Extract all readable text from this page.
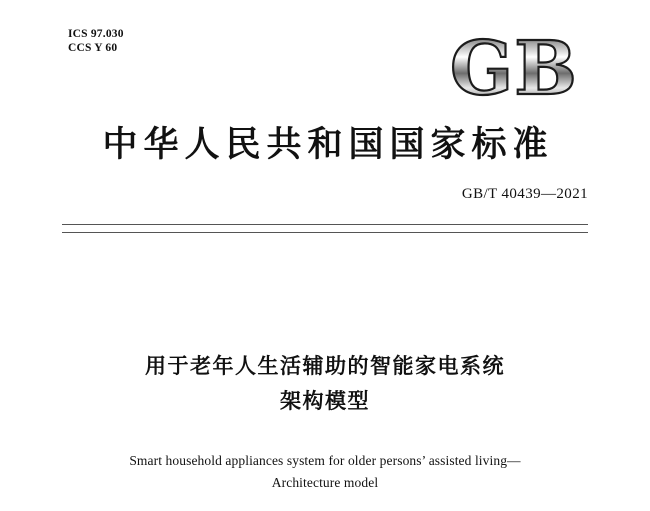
ICS 97.030
CCS Y 60	GB
中华人民共和国国家标准
GB/T 40439—2021
用于老年人生活辅助的智能家电系统
架构模型
Smart household appliances system for older persons’ assisted living—
Architecture model
